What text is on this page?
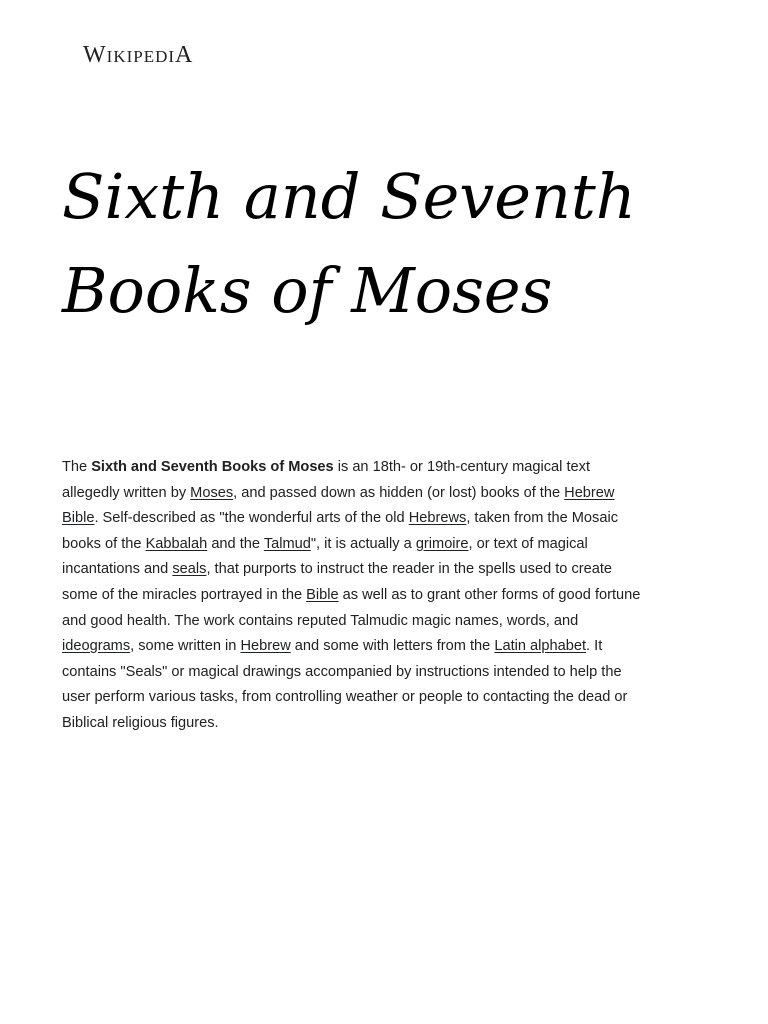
WIKIPEDIA
Sixth and Seventh
Books of Moses

The Sixth and Seventh Books of Moses is an 18th- or 19th-century magical text allegedly written by Moses, and passed down as hidden (or lost) books of the Hebrew Bible. Self-described as "the wonderful arts of the old Hebrews, taken from the Mosaic books of the Kabbalah and the Talmud", it is actually a grimoire, or text of magical incantations and seals, that purports to instruct the reader in the spells used to create some of the miracles portrayed in the Bible as well as to grant other forms of good fortune and good health. The work contains reputed Talmudic magic names, words, and ideograms, some written in Hebrew and some with letters from the Latin alphabet. It contains "Seals" or magical drawings accompanied by instructions intended to help the user perform various tasks, from controlling weather or people to contacting the dead or Biblical religious figures.
